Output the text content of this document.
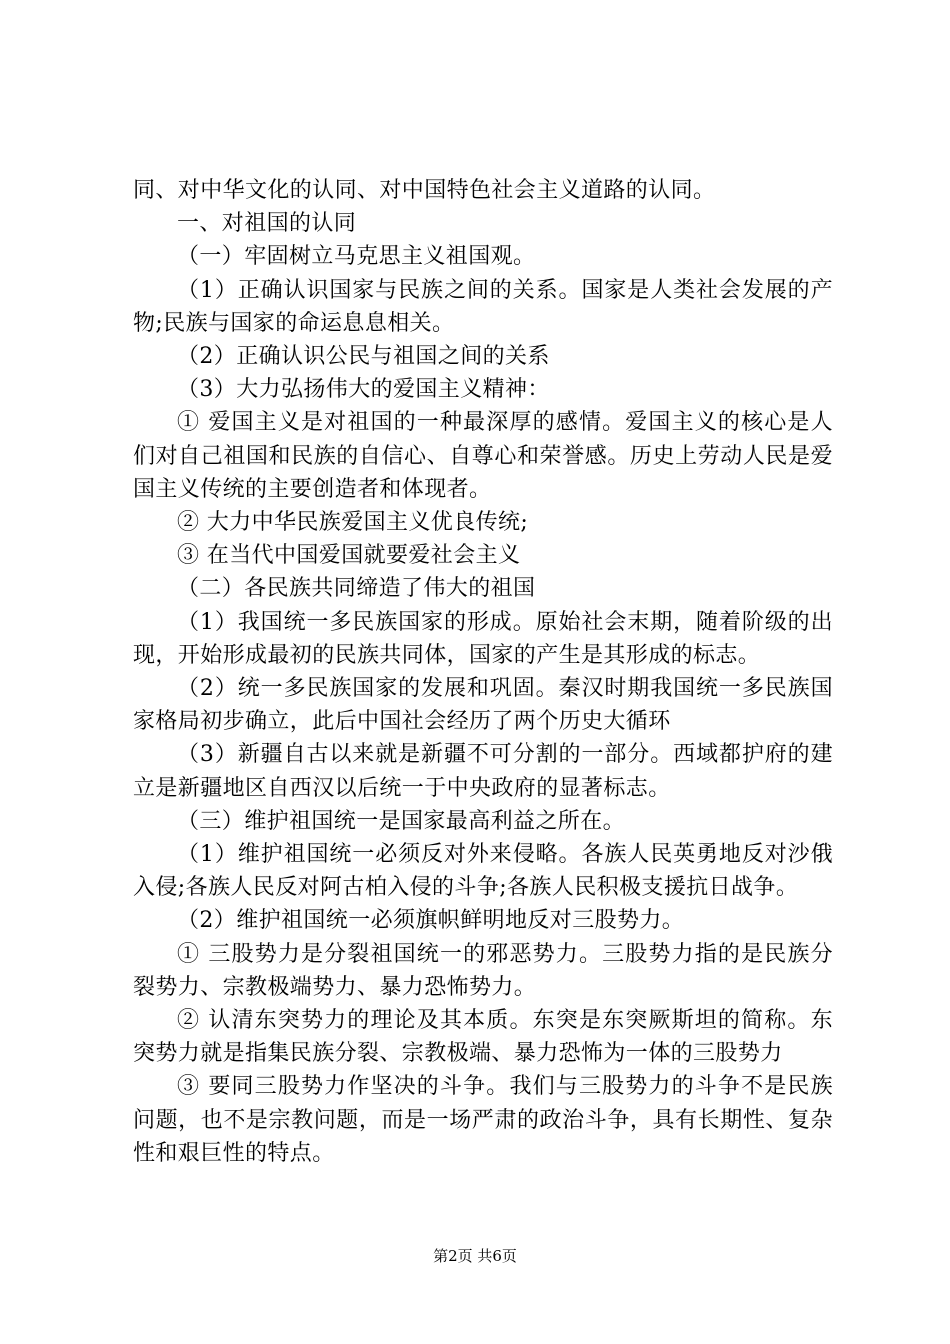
同、对中华文化的认同、对中国特色社会主义道路的认同。

一、对祖国的认同

（一）牢固树立马克思主义祖国观。

（1）正确认识国家与民族之间的关系。国家是人类社会发展的产物;民族与国家的命运息息相关。

（2）正确认识公民与祖国之间的关系

（3）大力弘扬伟大的爱国主义精神：

① 爱国主义是对祖国的一种最深厚的感情。爱国主义的核心是人们对自己祖国和民族的自信心、自尊心和荣誉感。历史上劳动人民是爱国主义传统的主要创造者和体现者。

② 大力中华民族爱国主义优良传统;

③ 在当代中国爱国就要爱社会主义

（二）各民族共同缔造了伟大的祖国

（1）我国统一多民族国家的形成。原始社会末期，随着阶级的出现，开始形成最初的民族共同体，国家的产生是其形成的标志。

（2）统一多民族国家的发展和巩固。秦汉时期我国统一多民族国家格局初步确立，此后中国社会经历了两个历史大循环

（3）新疆自古以来就是新疆不可分割的一部分。西域都护府的建立是新疆地区自西汉以后统一于中央政府的显著标志。

（三）维护祖国统一是国家最高利益之所在。

（1）维护祖国统一必须反对外来侵略。各族人民英勇地反对沙俄入侵;各族人民反对阿古柏入侵的斗争;各族人民积极支援抗日战争。

（2）维护祖国统一必须旗帜鲜明地反对三股势力。

① 三股势力是分裂祖国统一的邪恶势力。三股势力指的是民族分裂势力、宗教极端势力、暴力恐怖势力。

② 认清东突势力的理论及其本质。东突是东突厥斯坦的简称。东突势力就是指集民族分裂、宗教极端、暴力恐怖为一体的三股势力

③ 要同三股势力作坚决的斗争。我们与三股势力的斗争不是民族问题，也不是宗教问题，而是一场严肃的政治斗争，具有长期性、复杂性和艰巨性的特点。

第2页 共6页
